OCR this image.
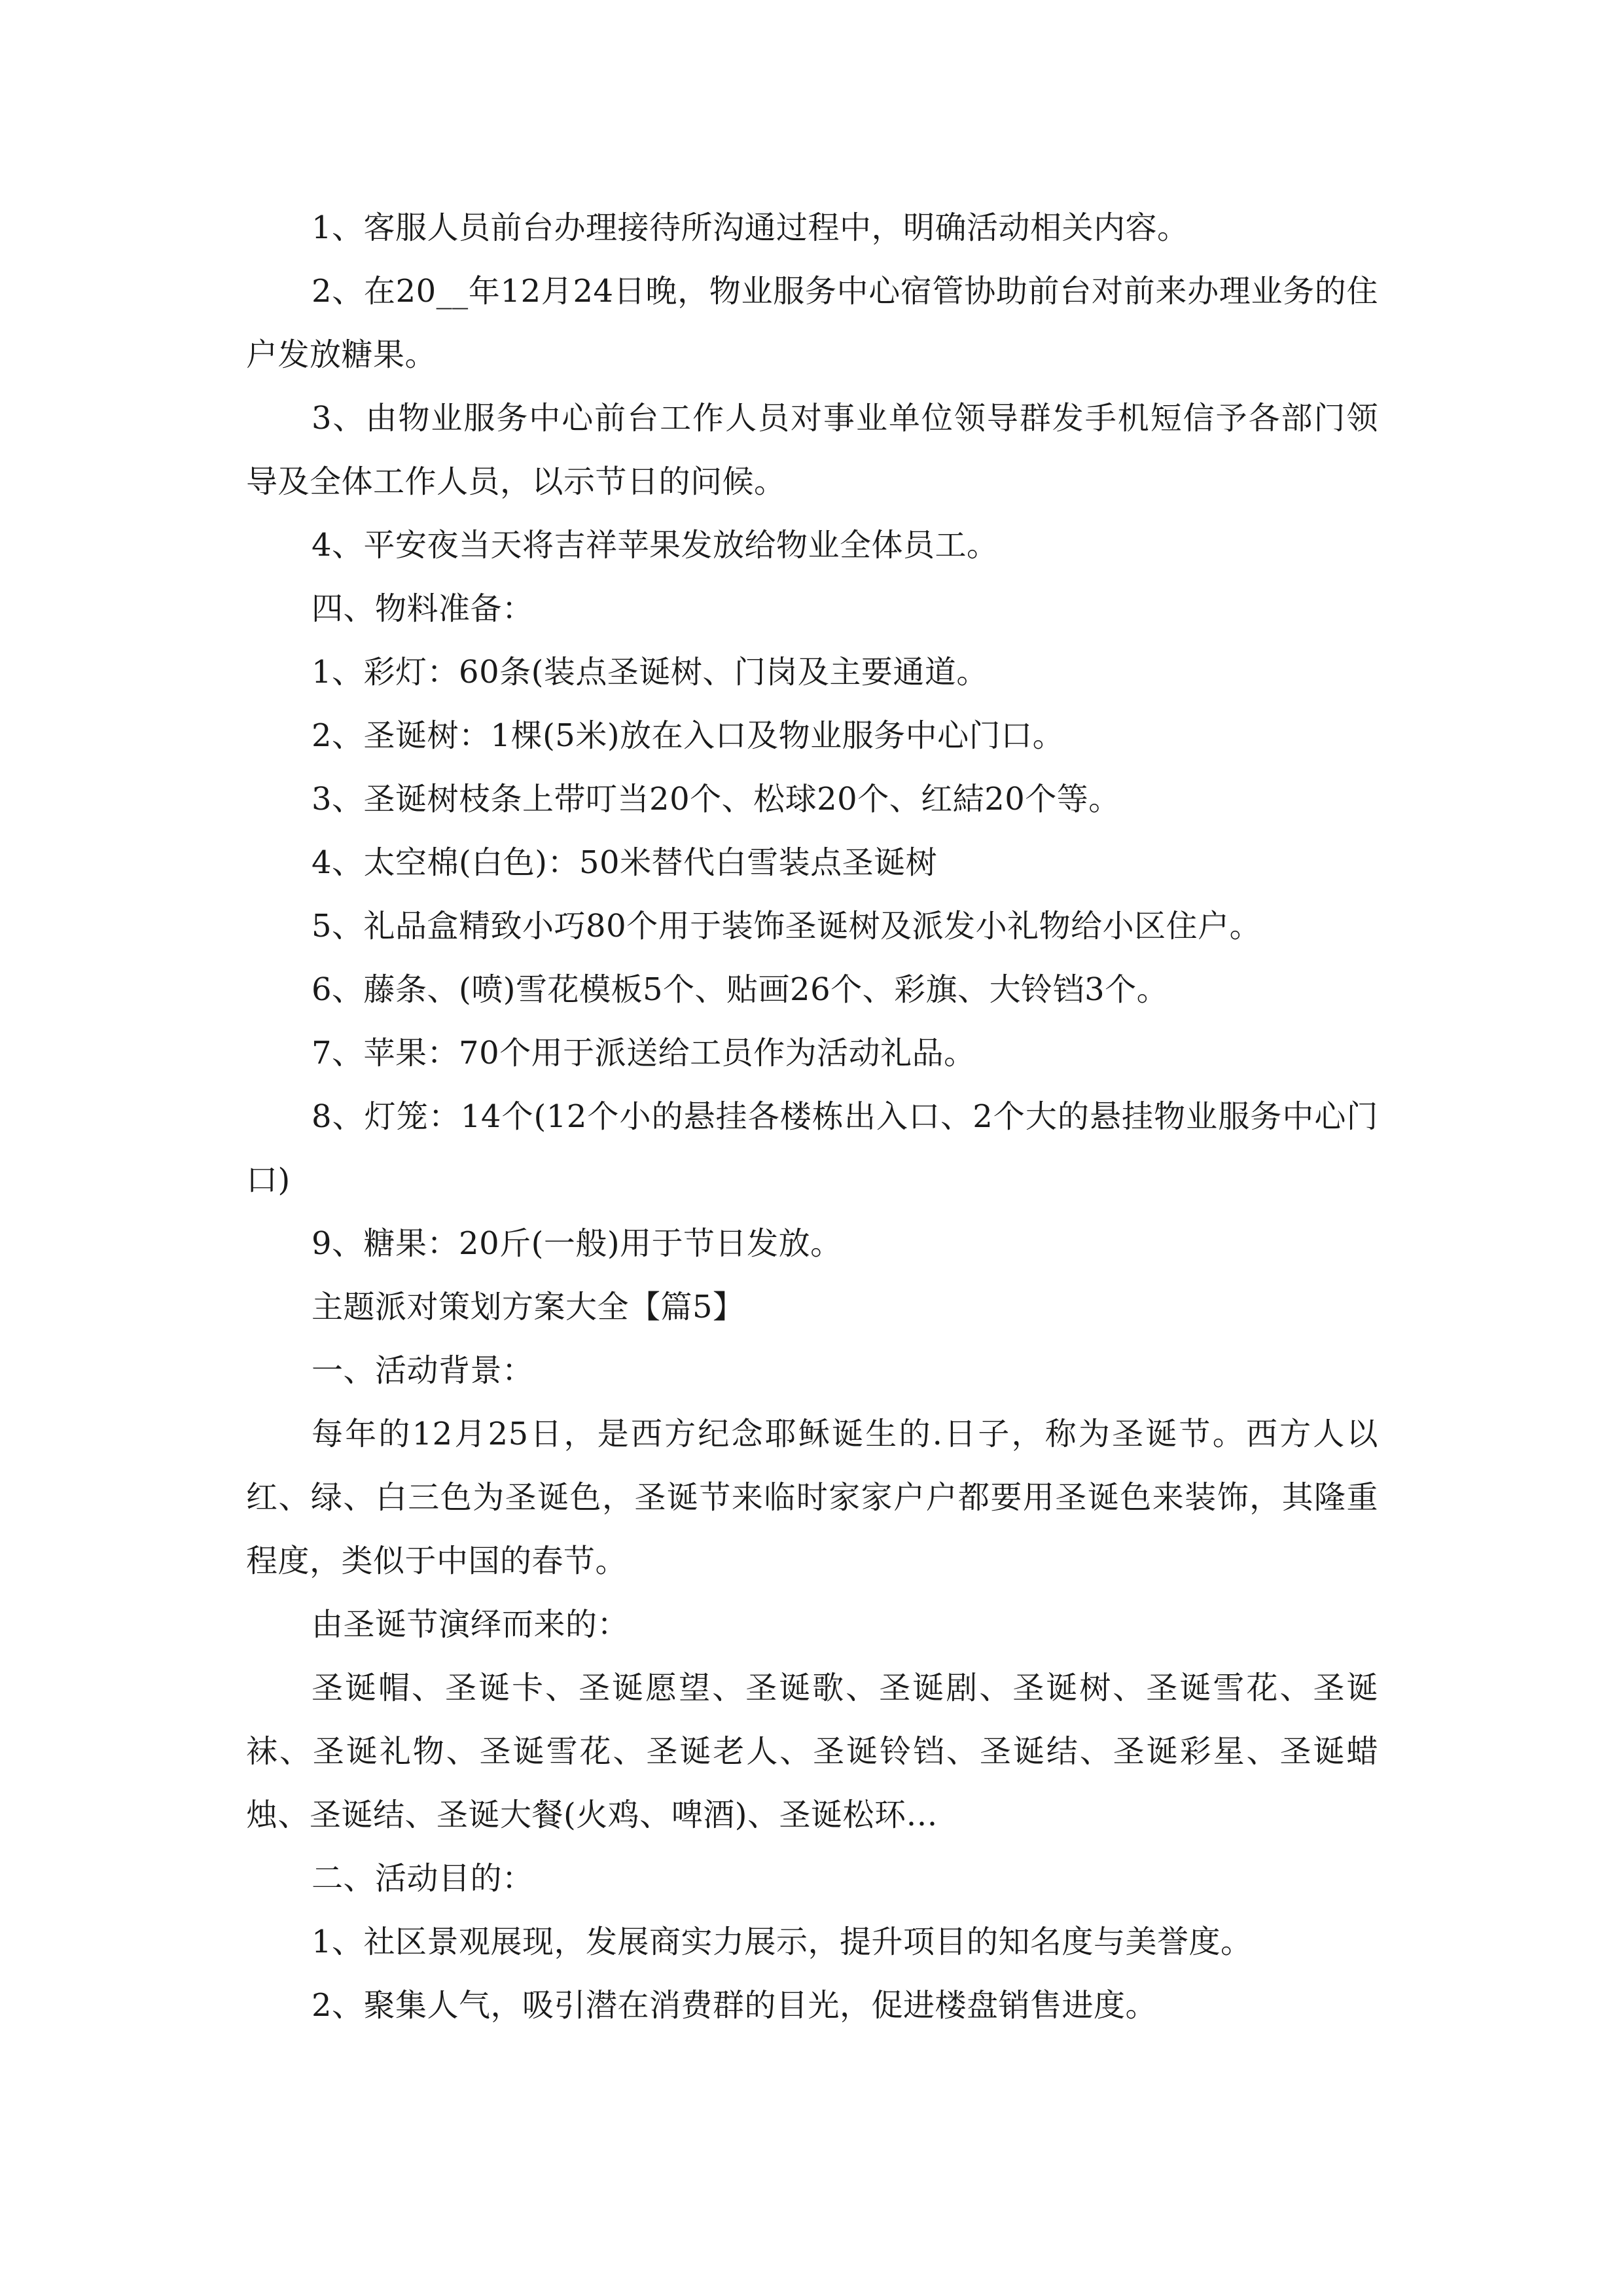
1、客服人员前台办理接待所沟通过程中，明确活动相关内容。

2、在20__年12月24日晚，物业服务中心宿管协助前台对前来办理业务的住户发放糖果。

3、由物业服务中心前台工作人员对事业单位领导群发手机短信予各部门领导及全体工作人员，以示节日的问候。

4、平安夜当天将吉祥苹果发放给物业全体员工。

四、物料准备：

1、彩灯：60条(装点圣诞树、门岗及主要通道。

2、圣诞树：1棵(5米)放在入口及物业服务中心门口。

3、圣诞树枝条上带叮当20个、松球20个、红結20个等。

4、太空棉(白色)：50米替代白雪装点圣诞树

5、礼品盒精致小巧80个用于装饰圣诞树及派发小礼物给小区住户。

6、藤条、(喷)雪花模板5个、贴画26个、彩旗、大铃铛3个。

7、苹果：70个用于派送给工员作为活动礼品。

8、灯笼：14个(12个小的悬挂各楼栋出入口、2个大的悬挂物业服务中心门口)

9、糖果：20斤(一般)用于节日发放。

主题派对策划方案大全【篇5】

一、活动背景：

每年的12月25日，是西方纪念耶稣诞生的.日子，称为圣诞节。西方人以红、绿、白三色为圣诞色，圣诞节来临时家家户户都要用圣诞色来装饰，其隆重程度，类似于中国的春节。

由圣诞节演绎而来的：

圣诞帽、圣诞卡、圣诞愿望、圣诞歌、圣诞剧、圣诞树、圣诞雪花、圣诞袜、圣诞礼物、圣诞雪花、圣诞老人、圣诞铃铛、圣诞结、圣诞彩星、圣诞蜡烛、圣诞结、圣诞大餐(火鸡、啤酒)、圣诞松环…

二、活动目的：

1、社区景观展现，发展商实力展示，提升项目的知名度与美誉度。

2、聚集人气，吸引潜在消费群的目光，促进楼盘销售进度。
